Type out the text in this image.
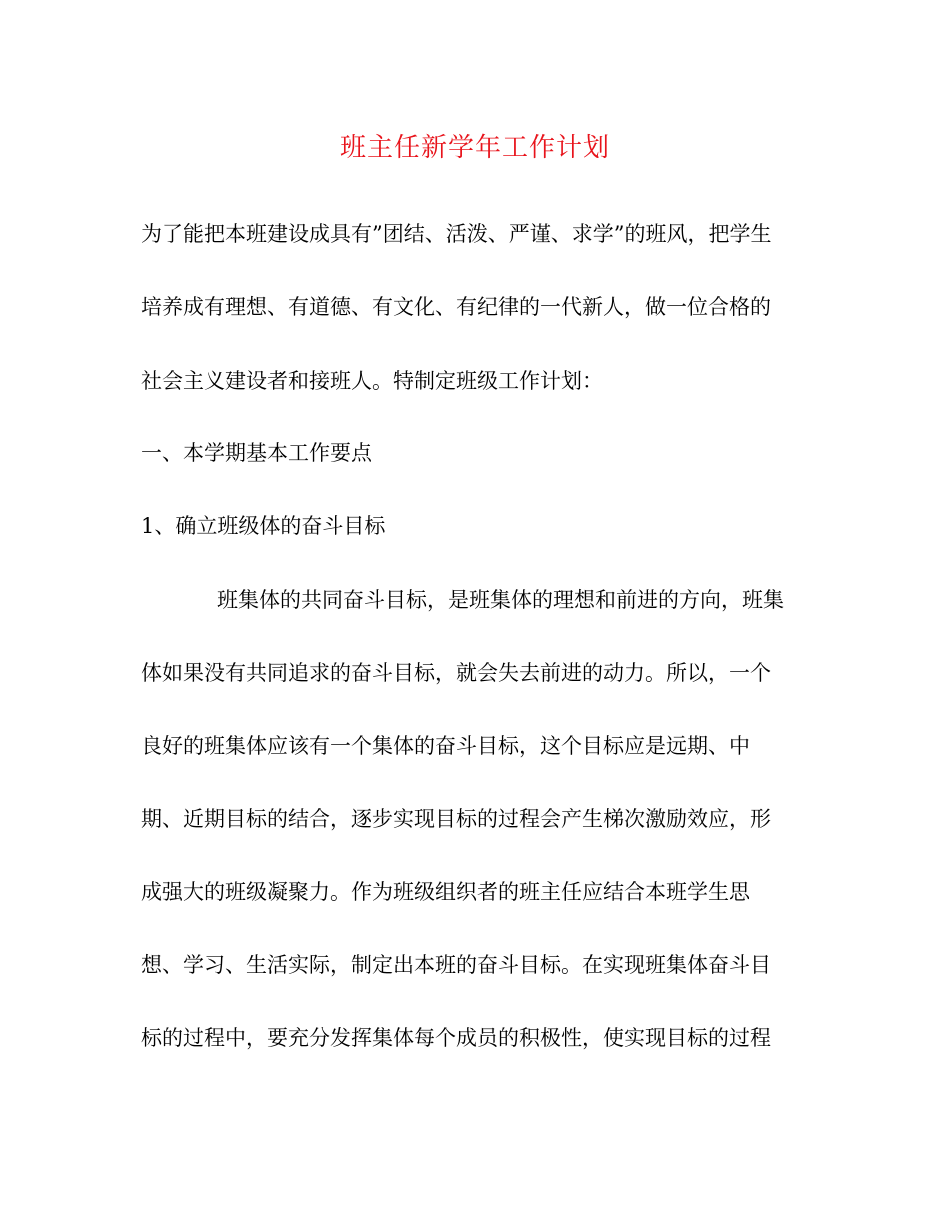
班主任新学年工作计划
为了能把本班建设成具有”团结、活泼、严谨、求学”的班风，把学生
培养成有理想、有道德、有文化、有纪律的一代新人，做一位合格的
社会主义建设者和接班人。特制定班级工作计划：
一、本学期基本工作要点
1、确立班级体的奋斗目标
班集体的共同奋斗目标，是班集体的理想和前进的方向，班集
体如果没有共同追求的奋斗目标，就会失去前进的动力。所以，一个
良好的班集体应该有一个集体的奋斗目标，这个目标应是远期、中
期、近期目标的结合，逐步实现目标的过程会产生梯次激励效应，形
成强大的班级凝聚力。作为班级组织者的班主任应结合本班学生思
想、学习、生活实际，制定出本班的奋斗目标。在实现班集体奋斗目
标的过程中，要充分发挥集体每个成员的积极性，使实现目标的过程
